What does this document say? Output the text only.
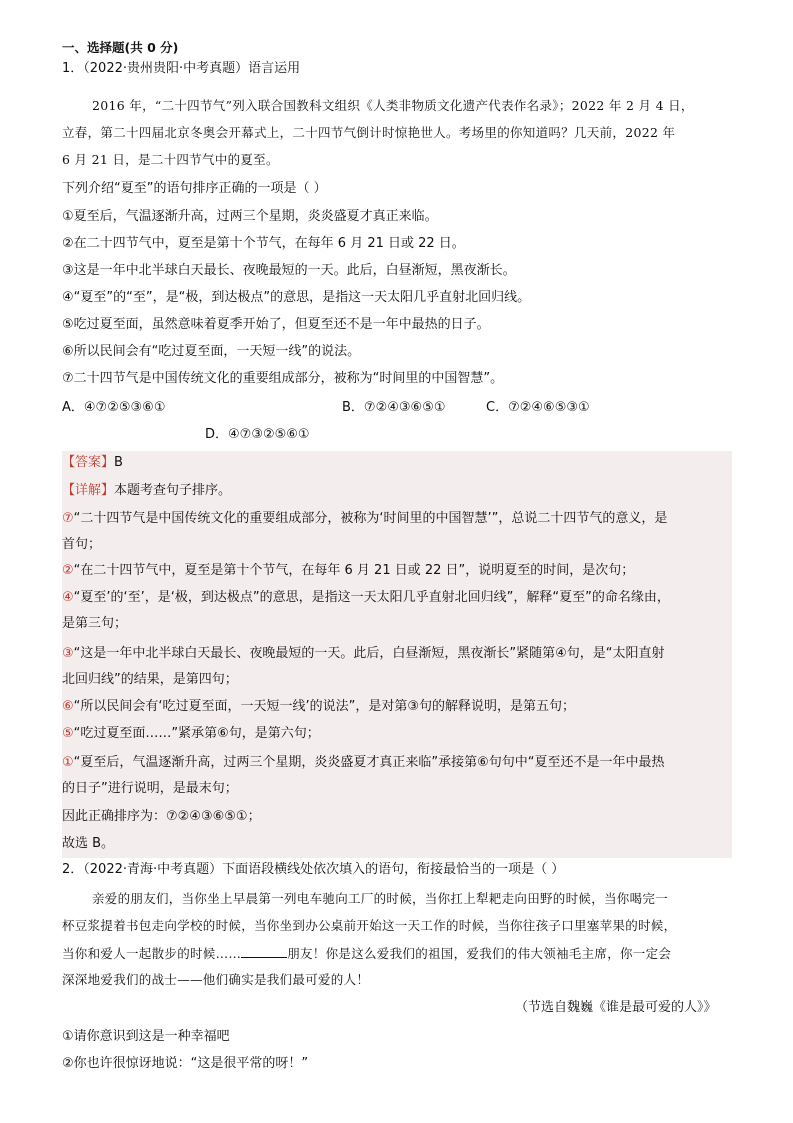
一、选择题(共 0 分)
1．（2022·贵州贵阳·中考真题）语言运用
2016 年，“二十四节气”列入联合国教科文组织《人类非物质文化遗产代表作名录》；2022 年 2 月 4 日，
立春，第二十四届北京冬奥会开幕式上，二十四节气倒计时惊艳世人。考场里的你知道吗？几天前，2022 年
6 月 21 日，是二十四节气中的夏至。
下列介绍“夏至”的语句排序正确的一项是（ ）
①夏至后，气温逐渐升高，过两三个星期，炎炎盛夏才真正来临。
②在二十四节气中，夏至是第十个节气，在每年 6 月 21 日或 22 日。
③这是一年中北半球白天最长、夜晚最短的一天。此后，白昼渐短，黑夜渐长。
④“夏至”的“至”，是“极，到达极点”的意思，是指这一天太阳几乎直射北回归线。
⑤吃过夏至面，虽然意味着夏季开始了，但夏至还不是一年中最热的日子。
⑥所以民间会有“吃过夏至面，一天短一线”的说法。
⑦二十四节气是中国传统文化的重要组成部分，被称为“时间里的中国智慧”。
A．④⑦②⑤③⑥①	B．⑦②④③⑥⑤①	C．⑦②④⑥⑤③①
D．④⑦③②⑤⑥①
【答案】B
【详解】本题考查句子排序。
⑦“二十四节气是中国传统文化的重要组成部分，被称为‘时间里的中国智慧’”，总说二十四节气的意义，是
首句；
②“在二十四节气中，夏至是第十个节气，在每年 6 月 21 日或 22 日”，说明夏至的时间，是次句；
④“夏至’的‘至’，是‘极，到达极点”的意思，是指这一天太阳几乎直射北回归线”，解释“夏至”的命名缘由，
是第三句；
③“这是一年中北半球白天最长、夜晚最短的一天。此后，白昼渐短，黑夜渐长”紧随第④句，是“太阳直射
北回归线”的结果，是第四句；
⑥“所以民间会有‘吃过夏至面，一天短一线’的说法”，是对第③句的解释说明，是第五句；
⑤“吃过夏至面……”紧承第⑥句，是第六句；
①“夏至后，气温逐渐升高，过两三个星期，炎炎盛夏才真正来临”承接第⑥句句中“夏至还不是一年中最热
的日子”进行说明，是最末句；
因此正确排序为：⑦②④③⑥⑤①；
故选 B。
2．（2022·青海·中考真题）下面语段横线处依次填入的语句，衔接最恰当的一项是（ ）
亲爱的朋友们，当你坐上早晨第一列电车驰向工厂的时候，当你扛上犁耙走向田野的时候，当你喝完一
杯豆浆提着书包走向学校的时候，当你坐到办公桌前开始这一天工作的时候，当你往孩子口里塞苹果的时候，
当你和爱人一起散步的时候……	朋友！你是这么爱我们的祖国，爱我们的伟大领袖毛主席，你一定会
深深地爱我们的战士——他们确实是我们最可爱的人！
（节选自魏巍《谁是最可爱的人》》
①请你意识到这是一种幸福吧
②你也许很惊讶地说：“这是很平常的呀！”
